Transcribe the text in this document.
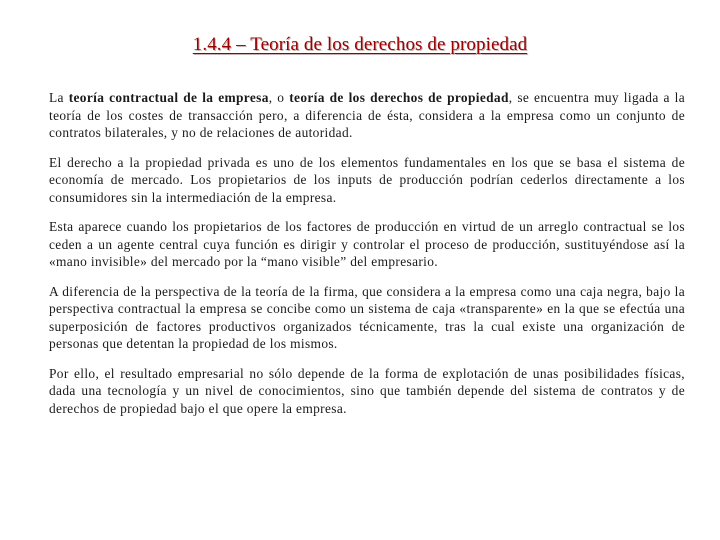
1.4.4 – Teoría de los derechos de propiedad

La teoría contractual de la empresa, o teoría de los derechos de propiedad, se encuentra muy ligada a la teoría de los costes de transacción pero, a diferencia de ésta, considera a la empresa como un conjunto de contratos bilaterales, y no de relaciones de autoridad.

El derecho a la propiedad privada es uno de los elementos fundamentales en los que se basa el sistema de economía de mercado. Los propietarios de los inputs de producción podrían cederlos directamente a los consumidores sin la intermediación de la empresa.

Esta aparece cuando los propietarios de los factores de producción en virtud de un arreglo contractual se los ceden a un agente central cuya función es dirigir y controlar el proceso de producción, sustituyéndose así la «mano invisible» del mercado por la “mano visible” del empresario.

A diferencia de la perspectiva de la teoría de la firma, que considera a la empresa como una caja negra, bajo la perspectiva contractual la empresa se concibe como un sistema de caja «transparente» en la que se efectúa una superposición de factores productivos organizados técnicamente, tras la cual existe una organización de personas que detentan la propiedad de los mismos.

Por ello, el resultado empresarial no sólo depende de la forma de explotación de unas posibilidades físicas, dada una tecnología y un nivel de conocimientos, sino que también depende del sistema de contratos y de derechos de propiedad bajo el que opere la empresa.
